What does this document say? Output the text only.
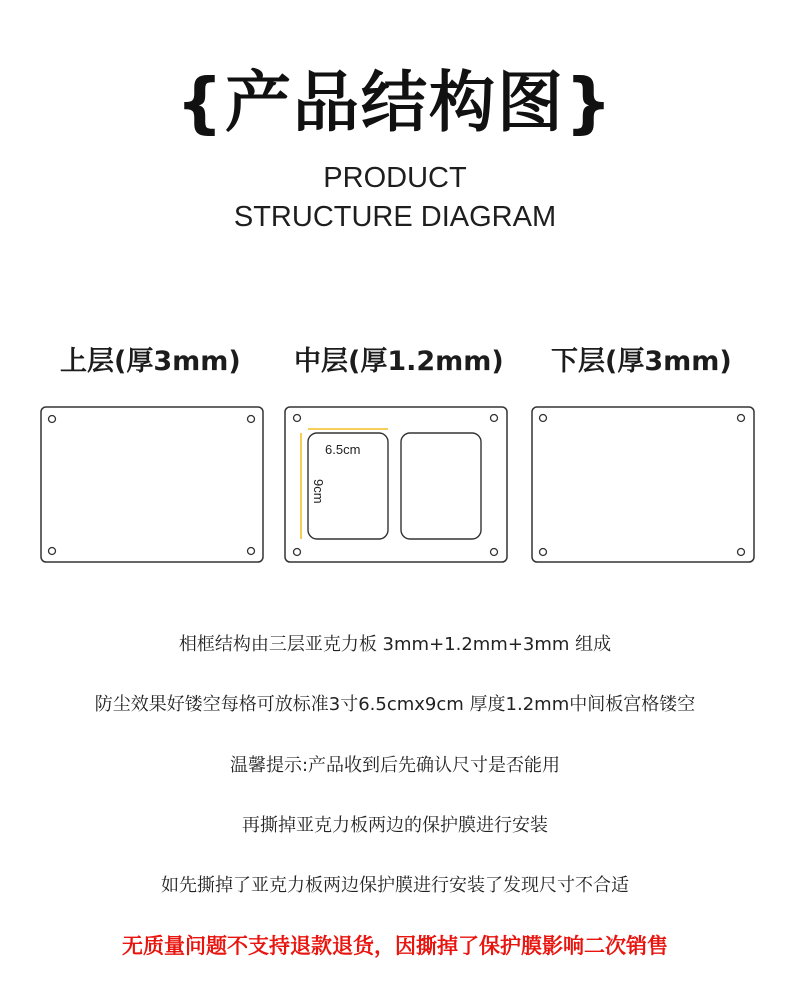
{产品结构图}
PRODUCT
STRUCTURE DIAGRAM
上层(厚3mm) 中层(厚1.2mm) 下层(厚3mm)
6.5cm
9cm
相框结构由三层亚克力板 3mm+1.2mm+3mm 组成
防尘效果好镂空每格可放标准3寸6.5cmx9cm 厚度1.2mm中间板宫格镂空
温馨提示:产品收到后先确认尺寸是否能用
再撕掉亚克力板两边的保护膜进行安装
如先撕掉了亚克力板两边保护膜进行安装了发现尺寸不合适
无质量问题不支持退款退货，因撕掉了保护膜影响二次销售
